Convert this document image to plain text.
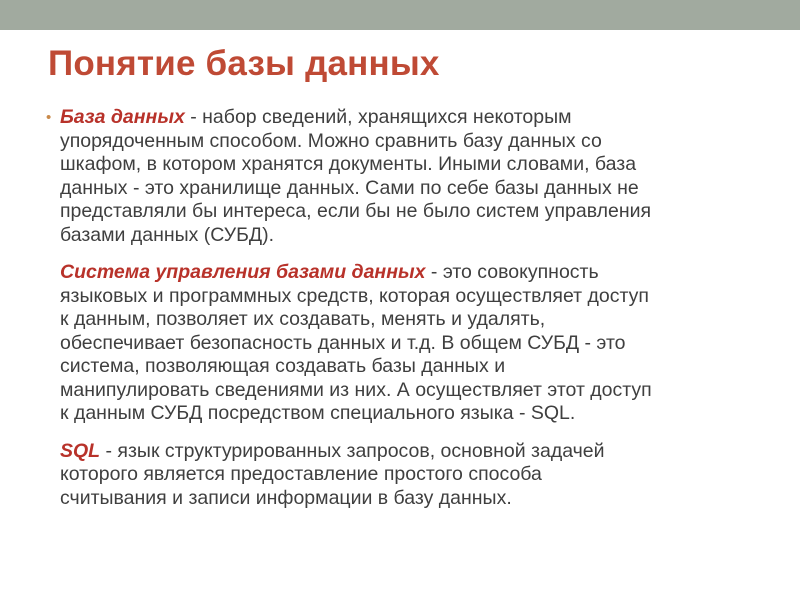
Понятие базы данных

• База данных - набор сведений, хранящихся некоторым
упорядоченным способом. Можно сравнить базу данных со
шкафом, в котором хранятся документы. Иными словами, база
данных - это хранилище данных. Сами по себе базы данных не
представляли бы интереса, если бы не было систем управления
базами данных (СУБД).

Система управления базами данных - это совокупность
языковых и программных средств, которая осуществляет доступ
к данным, позволяет их создавать, менять и удалять,
обеспечивает безопасность данных и т.д. В общем СУБД - это
система, позволяющая создавать базы данных и
манипулировать сведениями из них. А осуществляет этот доступ
к данным СУБД посредством специального языка - SQL.

SQL - язык структурированных запросов, основной задачей
которого является предоставление простого способа
считывания и записи информации в базу данных.
